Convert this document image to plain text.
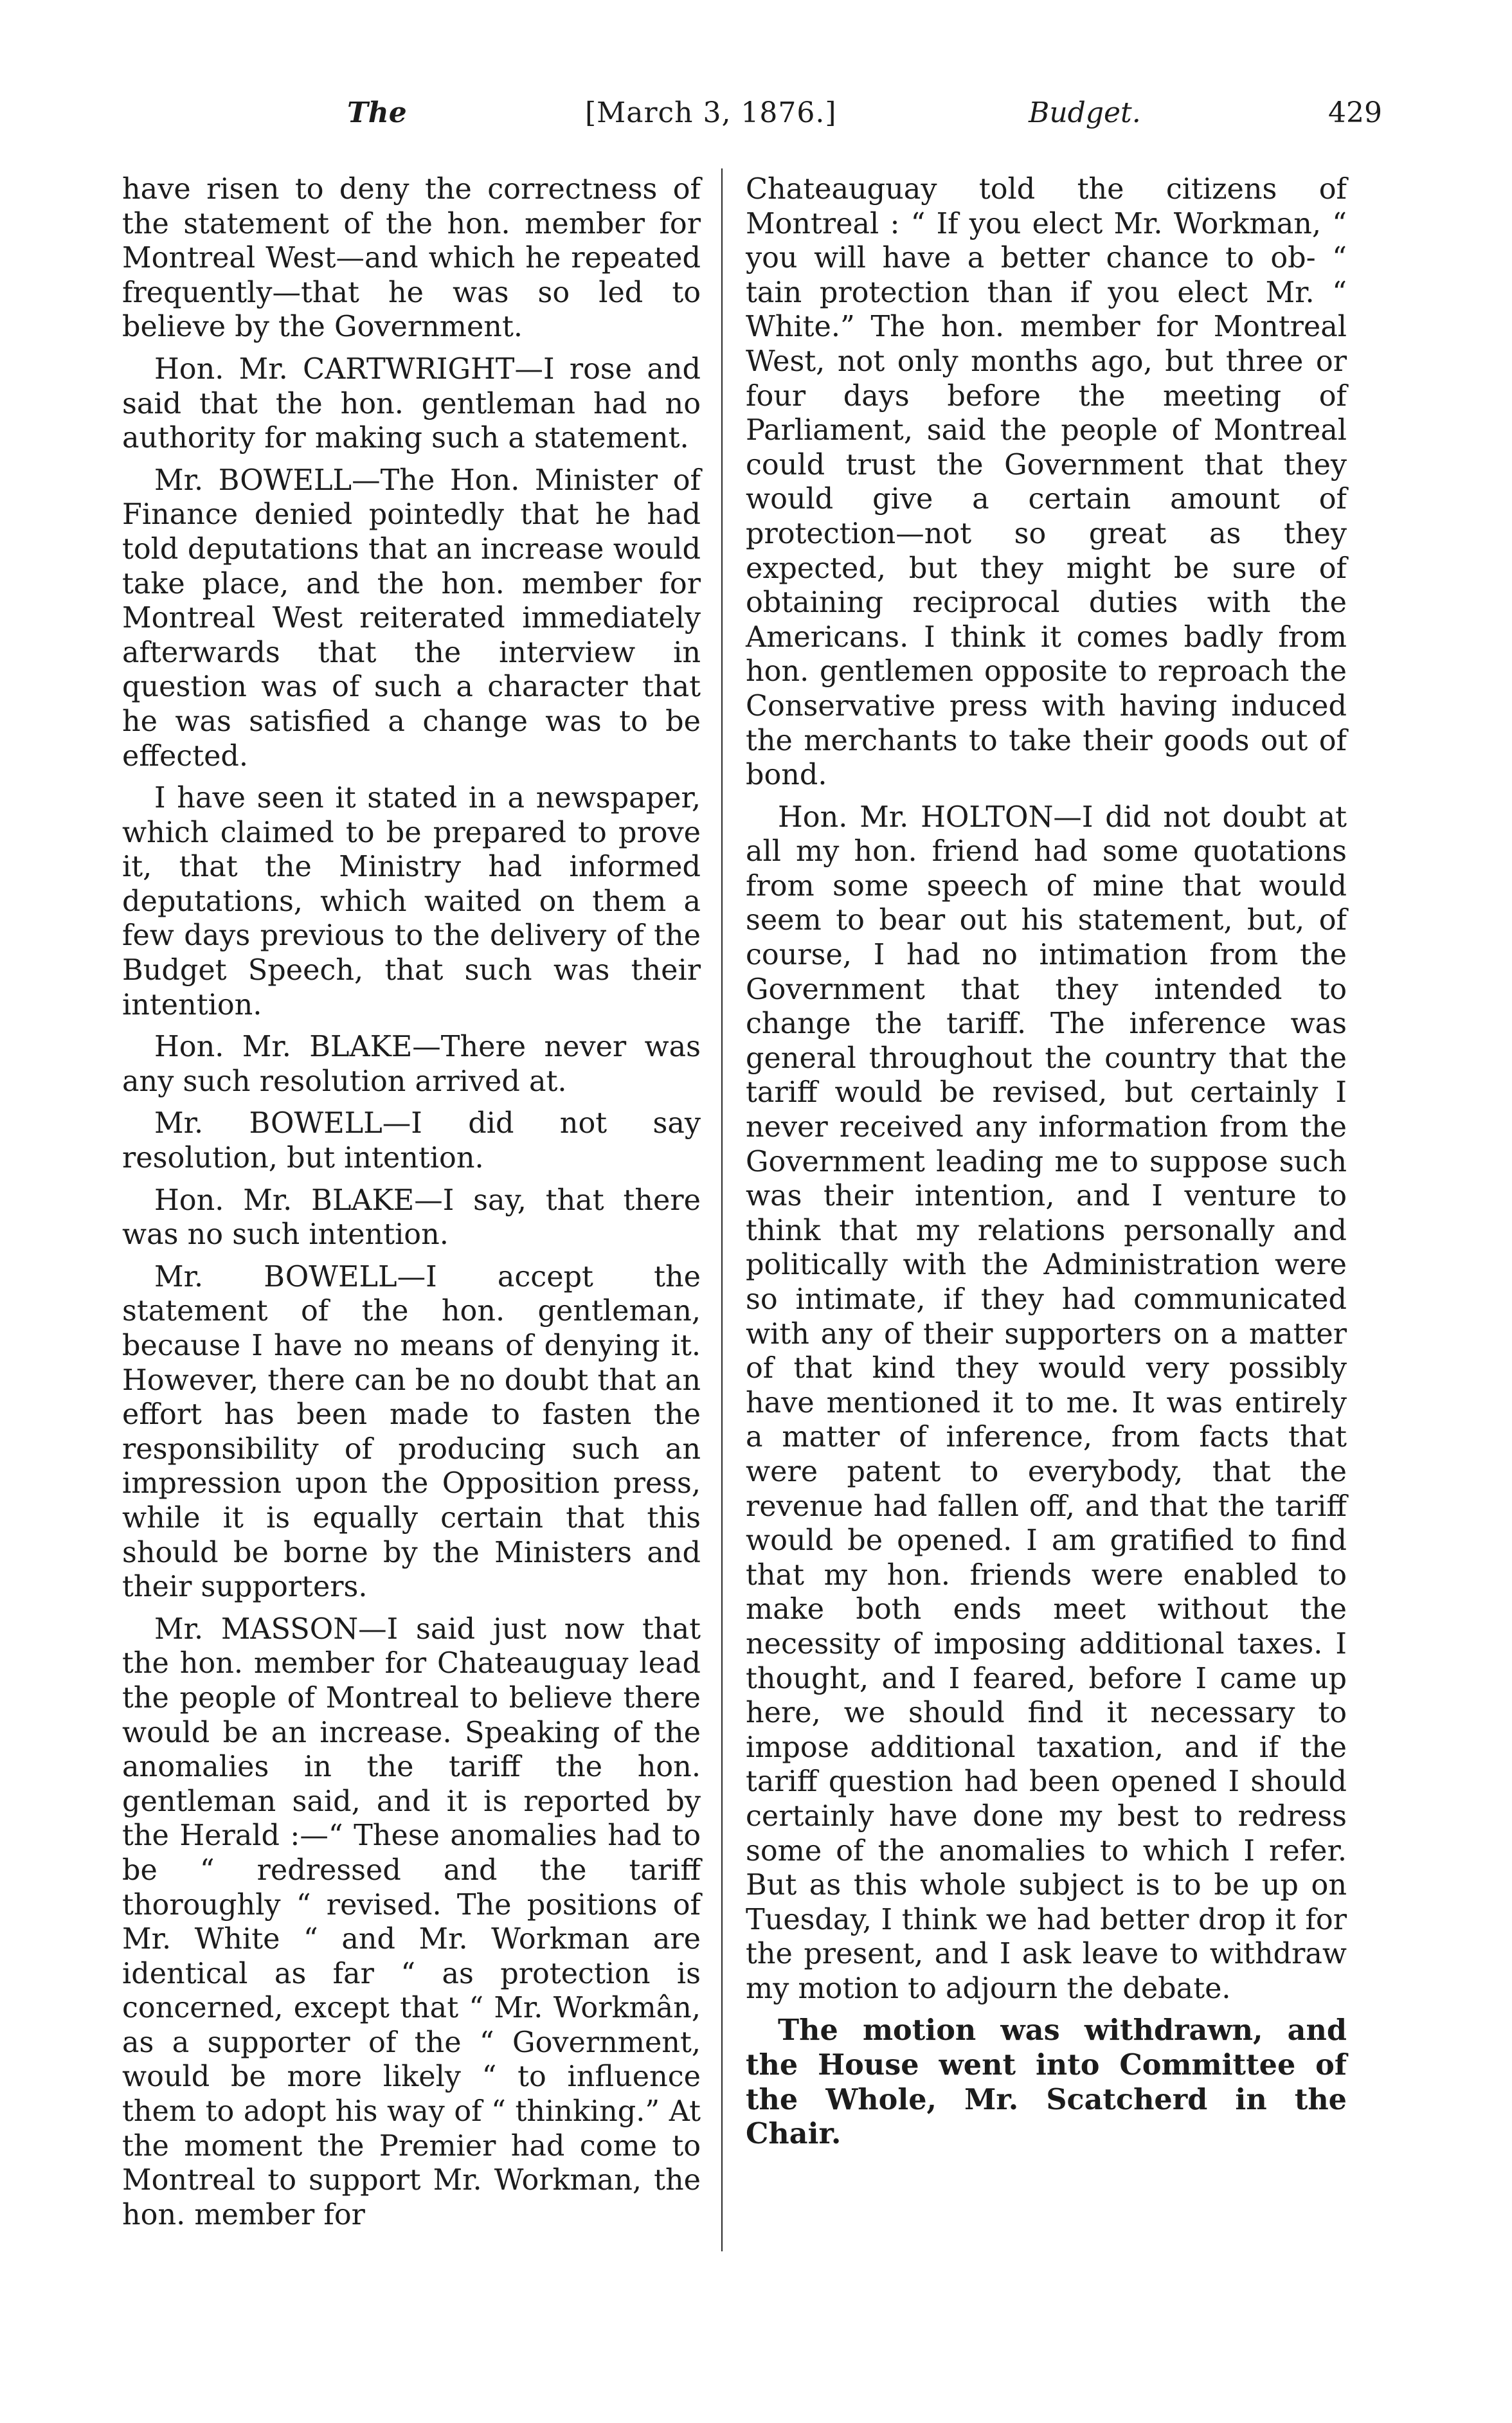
The	[March 3, 1876.]	Budget.	429

have risen to deny the correctness of the statement of the hon. member for Montreal West—and which he repeated frequently—that he was so led to believe by the Government.

Hon. Mr. CARTWRIGHT—I rose and said that the hon. gentleman had no authority for making such a statement.

Mr. BOWELL—The Hon. Minister of Finance denied pointedly that he had told deputations that an increase would take place, and the hon. member for Montreal West reiterated immediately afterwards that the interview in question was of such a character that he was satisfied a change was to be effected.

I have seen it stated in a newspaper, which claimed to be prepared to prove it, that the Ministry had informed deputations, which waited on them a few days previous to the delivery of the Budget Speech, that such was their intention.

Hon. Mr. BLAKE—There never was any such resolution arrived at.

Mr. BOWELL—I did not say resolution, but intention.

Hon. Mr. BLAKE—I say, that there was no such intention.

Mr. BOWELL—I accept the statement of the hon. gentleman, because I have no means of denying it. However, there can be no doubt that an effort has been made to fasten the responsibility of producing such an impression upon the Opposition press, while it is equally certain that this should be borne by the Ministers and their supporters.

Mr. MASSON—I said just now that the hon. member for Chateauguay lead the people of Montreal to believe there would be an increase. Speaking of the anomalies in the tariff the hon. gentleman said, and it is reported by the Herald :—“ These anomalies had to be “ redressed and the tariff thoroughly “ revised. The positions of Mr. White “ and Mr. Workman are identical as far “ as protection is concerned, except that “ Mr. Workmân, as a supporter of the “ Government, would be more likely “ to influence them to adopt his way of “ thinking.” At the moment the Premier had come to Montreal to support Mr. Workman, the hon. member for

Chateauguay told the citizens of Montreal : “ If you elect Mr. Workman, “ you will have a better chance to ob- “ tain protection than if you elect Mr. “ White.” The hon. member for Montreal West, not only months ago, but three or four days before the meeting of Parliament, said the people of Montreal could trust the Government that they would give a certain amount of protection—not so great as they expected, but they might be sure of obtaining reciprocal duties with the Americans. I think it comes badly from hon. gentlemen opposite to reproach the Conservative press with having induced the merchants to take their goods out of bond.

Hon. Mr. HOLTON—I did not doubt at all my hon. friend had some quotations from some speech of mine that would seem to bear out his statement, but, of course, I had no intimation from the Government that they intended to change the tariff. The inference was general throughout the country that the tariff would be revised, but certainly I never received any information from the Government leading me to suppose such was their intention, and I venture to think that my relations personally and politically with the Administration were so intimate, if they had communicated with any of their supporters on a matter of that kind they would very possibly have mentioned it to me. It was entirely a matter of inference, from facts that were patent to everybody, that the revenue had fallen off, and that the tariff would be opened. I am gratified to find that my hon. friends were enabled to make both ends meet without the necessity of imposing additional taxes. I thought, and I feared, before I came up here, we should find it necessary to impose additional taxation, and if the tariff question had been opened I should certainly have done my best to redress some of the anomalies to which I refer. But as this whole subject is to be up on Tuesday, I think we had better drop it for the present, and I ask leave to withdraw my motion to adjourn the debate.

The motion was withdrawn, and the House went into Committee of the Whole, Mr. Scatcherd in the Chair.
